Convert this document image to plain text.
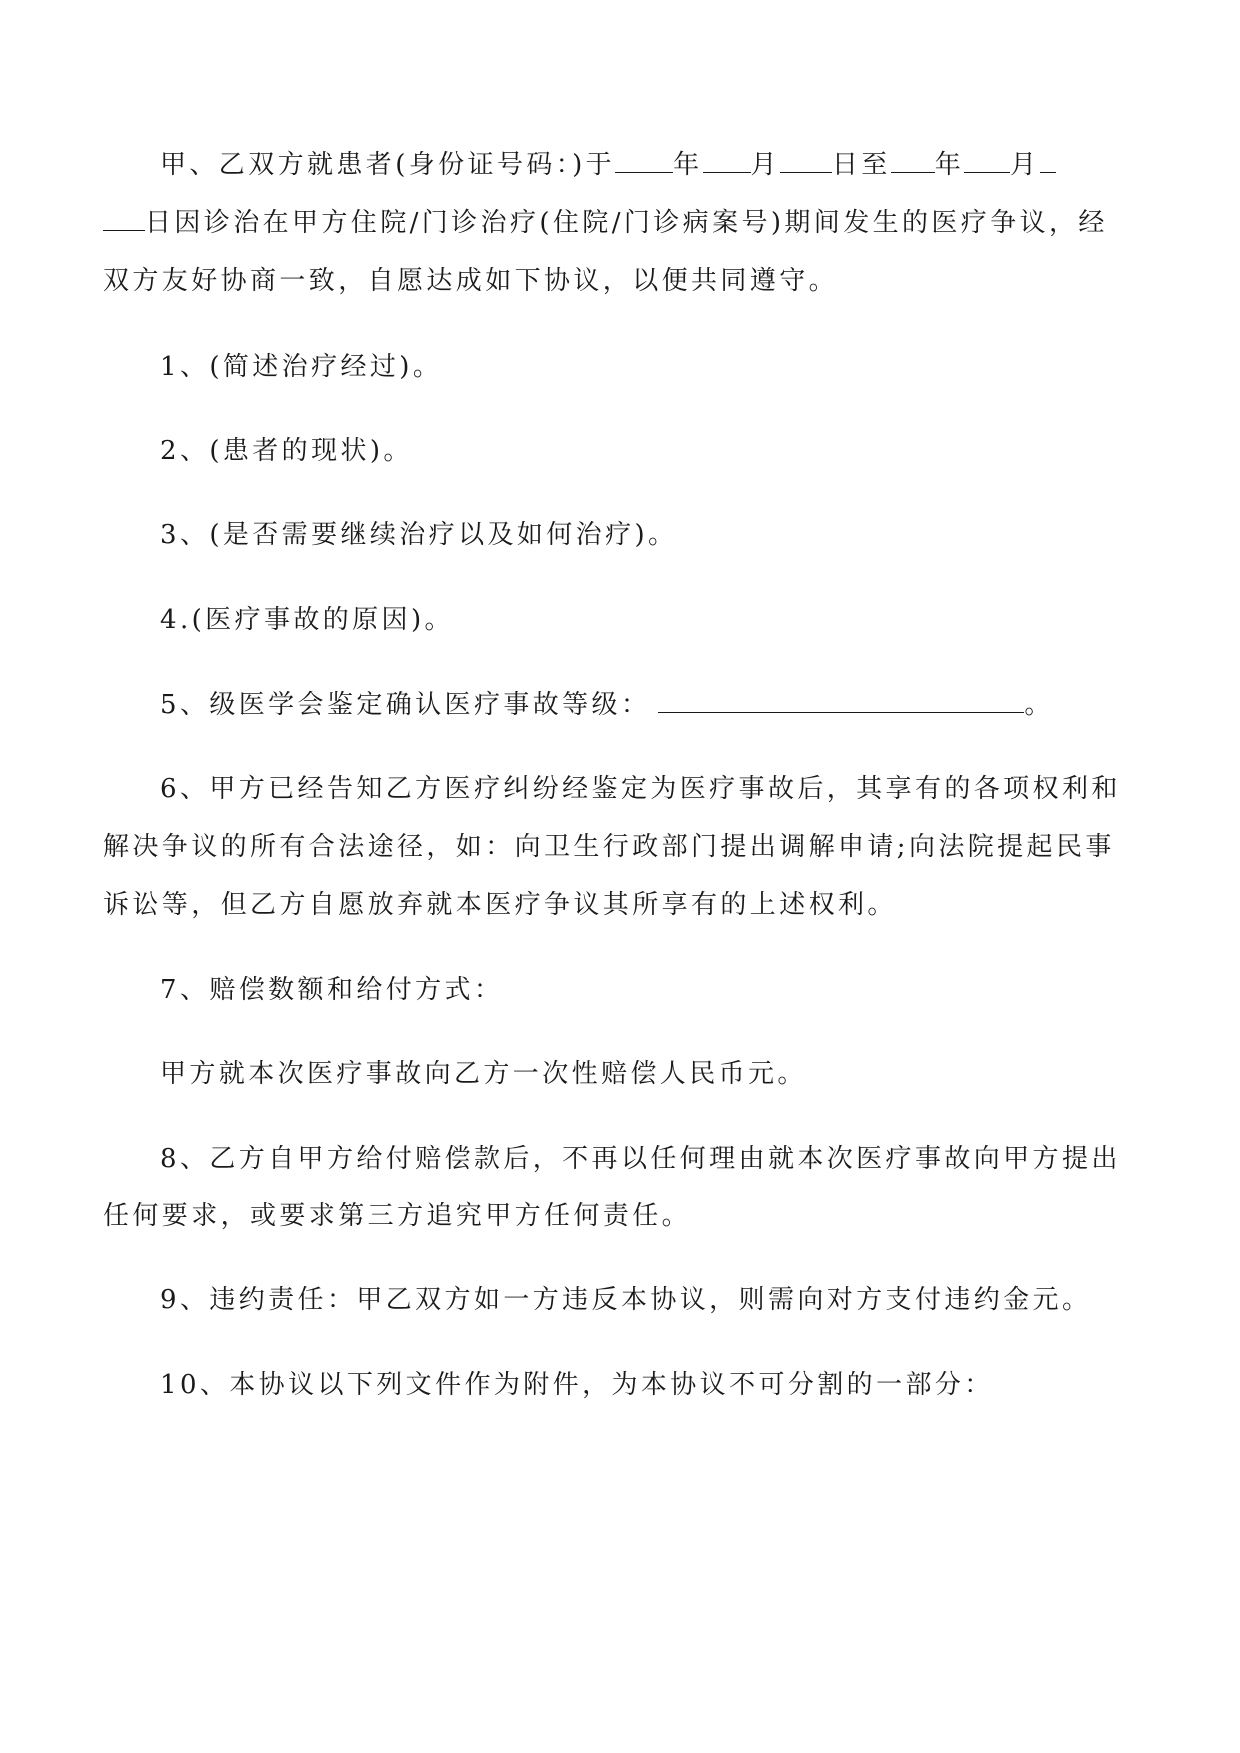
甲、乙双方就患者(身份证号码：)于 年 月 日至 年 月
日因诊治在甲方住院/门诊治疗(住院/门诊病案号)期间发生的医疗争议，经
双方友好协商一致，自愿达成如下协议，以便共同遵守。
1、(简述治疗经过)。
2、(患者的现状)。
3、(是否需要继续治疗以及如何治疗)。
4.(医疗事故的原因)。
5、级医学会鉴定确认医疗事故等级：	。
6、甲方已经告知乙方医疗纠纷经鉴定为医疗事故后，其享有的各项权利和
解决争议的所有合法途径，如：向卫生行政部门提出调解申请;向法院提起民事
诉讼等，但乙方自愿放弃就本医疗争议其所享有的上述权利。
7、赔偿数额和给付方式：
甲方就本次医疗事故向乙方一次性赔偿人民币元。
8、乙方自甲方给付赔偿款后，不再以任何理由就本次医疗事故向甲方提出
任何要求，或要求第三方追究甲方任何责任。
9、违约责任：甲乙双方如一方违反本协议，则需向对方支付违约金元。
10、本协议以下列文件作为附件，为本协议不可分割的一部分：
